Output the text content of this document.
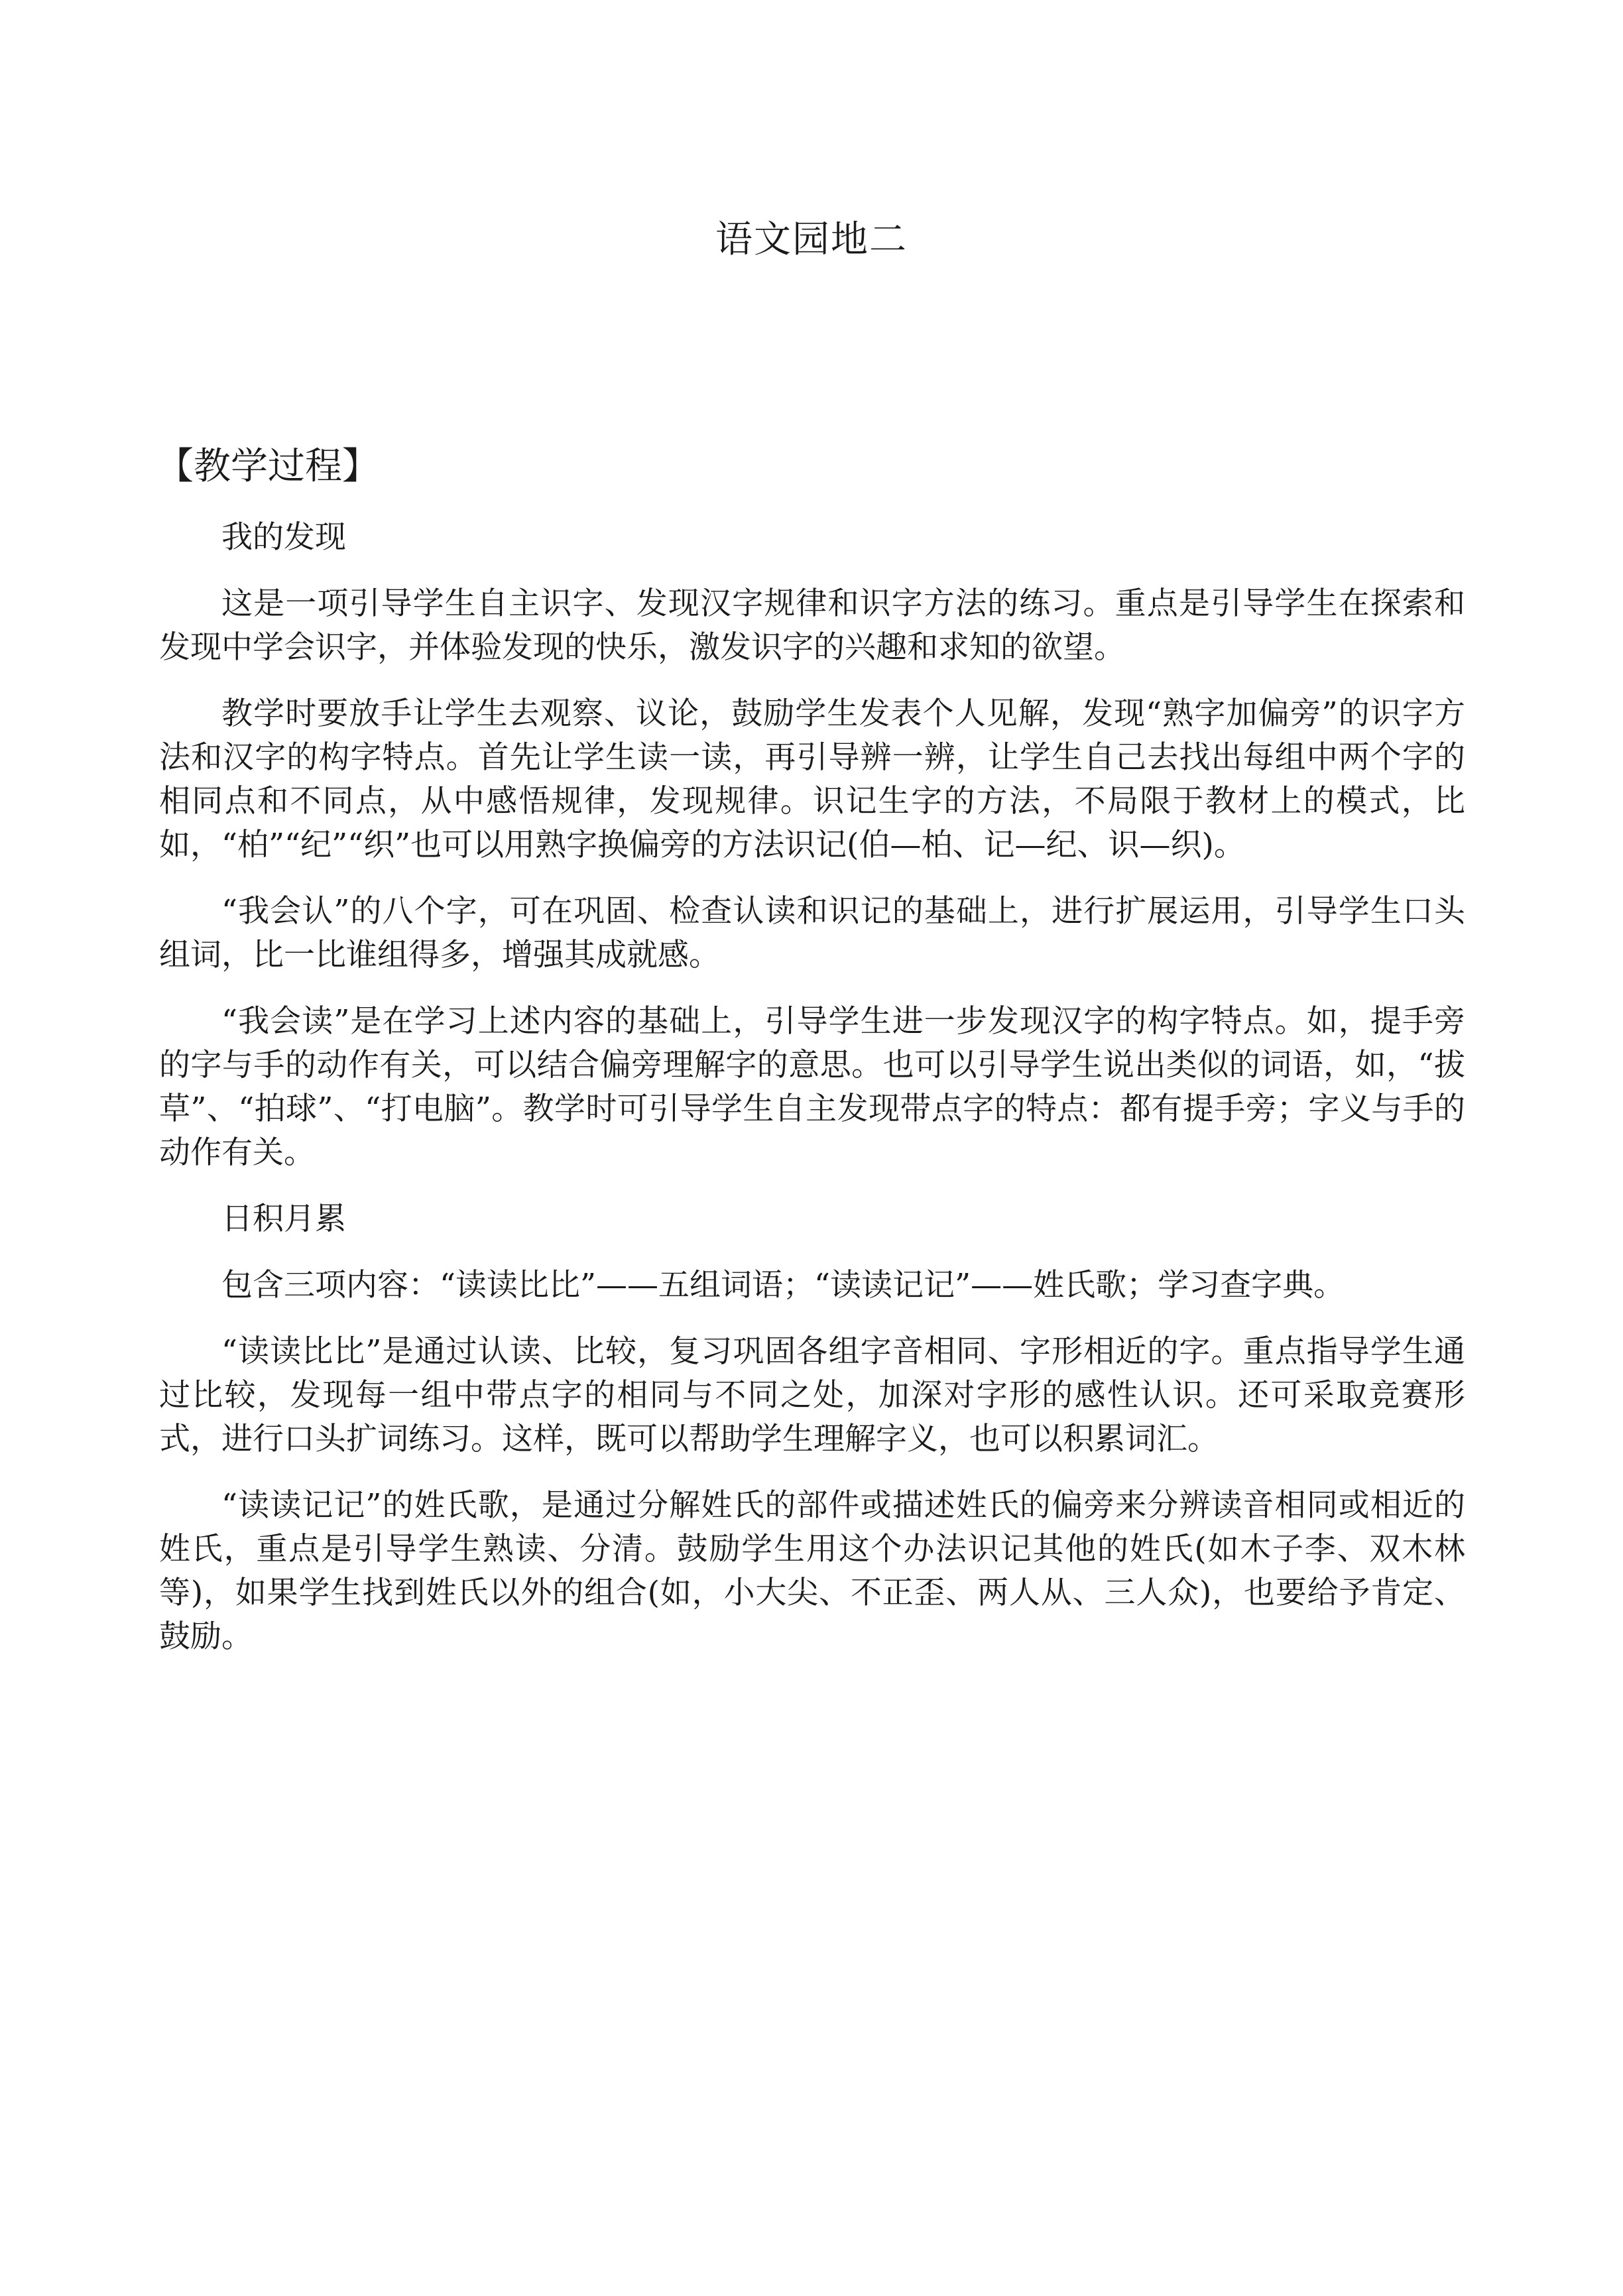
语文园地二
【教学过程】

我的发现

这是一项引导学生自主识字、发现汉字规律和识字方法的练习。重点是引导学生在探索和发现中学会识字，并体验发现的快乐，激发识字的兴趣和求知的欲望。

教学时要放手让学生去观察、议论，鼓励学生发表个人见解，发现“熟字加偏旁”的识字方法和汉字的构字特点。首先让学生读一读，再引导辨一辨，让学生自己去找出每组中两个字的相同点和不同点，从中感悟规律，发现规律。识记生字的方法，不局限于教材上的模式，比如，“柏”“纪”“织”也可以用熟字换偏旁的方法识记(伯—柏、记—纪、识—织)。

“我会认”的八个字，可在巩固、检查认读和识记的基础上，进行扩展运用，引导学生口头组词，比一比谁组得多，增强其成就感。

“我会读”是在学习上述内容的基础上，引导学生进一步发现汉字的构字特点。如，提手旁的字与手的动作有关，可以结合偏旁理解字的意思。也可以引导学生说出类似的词语，如，“拔草”、“拍球”、“打电脑”。教学时可引导学生自主发现带点字的特点：都有提手旁；字义与手的动作有关。

日积月累

包含三项内容：“读读比比”——五组词语；“读读记记”——姓氏歌；学习查字典。

“读读比比”是通过认读、比较，复习巩固各组字音相同、字形相近的字。重点指导学生通过比较，发现每一组中带点字的相同与不同之处，加深对字形的感性认识。还可采取竞赛形式，进行口头扩词练习。这样，既可以帮助学生理解字义，也可以积累词汇。

“读读记记”的姓氏歌，是通过分解姓氏的部件或描述姓氏的偏旁来分辨读音相同或相近的姓氏，重点是引导学生熟读、分清。鼓励学生用这个办法识记其他的姓氏(如木子李、双木林等)，如果学生找到姓氏以外的组合(如，小大尖、不正歪、两人从、三人众)，也要给予肯定、鼓励。
